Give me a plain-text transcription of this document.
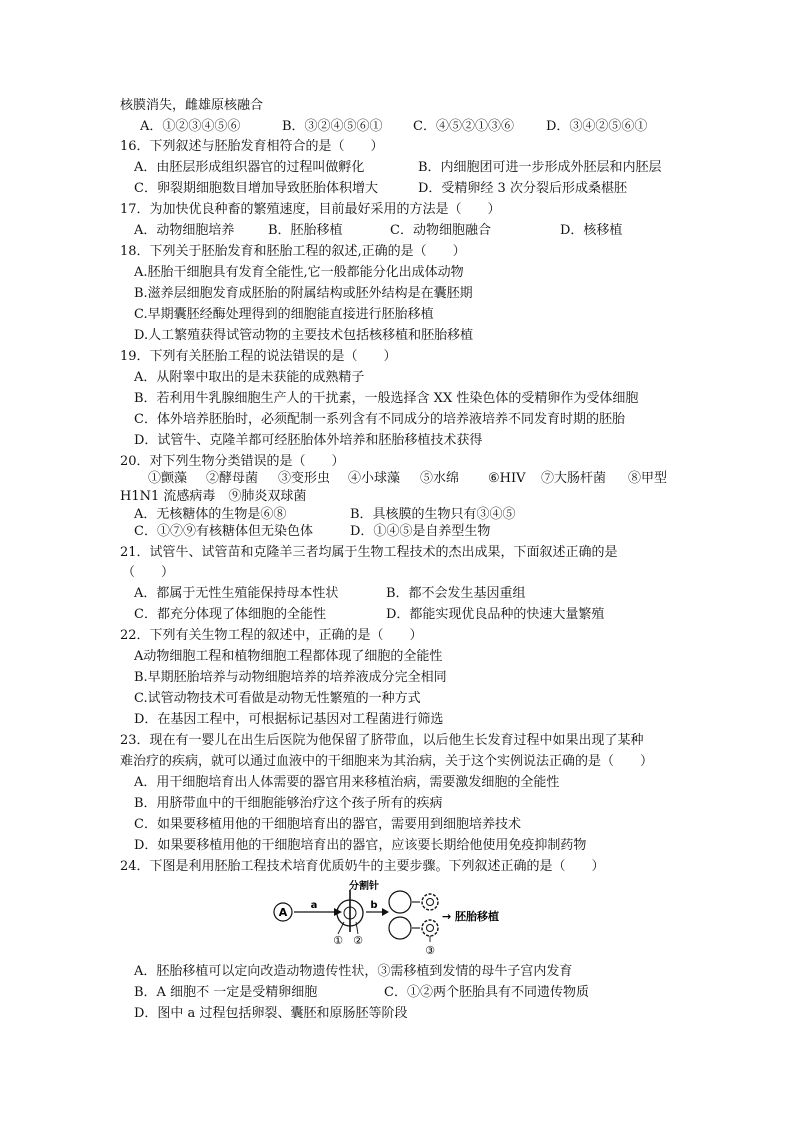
核膜消失，雌雄原核融合
A．①②③④⑤⑥	B．③②④⑤⑥① C．④⑤②①③⑥ D．③④②⑤⑥①
16．下列叙述与胚胎发育相符合的是（　　）
A．由胚层形成组织器官的过程叫做孵化	B．内细胞团可进一步形成外胚层和内胚层
C．卵裂期细胞数目增加导致胚胎体积增大	D．受精卵经 3 次分裂后形成桑椹胚
17．为加快优良种畜的繁殖速度，目前最好采用的方法是（　　）
A．动物细胞培养	B．胚胎移植	C．动物细胞融合	D．核移植
18．下列关于胚胎发育和胚胎工程的叙述,正确的是（　　）
A.胚胎干细胞具有发育全能性,它一般都能分化出成体动物
B.滋养层细胞发育成胚胎的附属结构或胚外结构是在囊胚期
C.早期囊胚经酶处理得到的细胞能直接进行胚胎移植
D.人工繁殖获得试管动物的主要技术包括核移植和胚胎移植
19．下列有关胚胎工程的说法错误的是（　　）
A．从附睾中取出的是未获能的成熟精子
B．若利用牛乳腺细胞生产人的干扰素，一般选择含 XX 性染色体的受精卵作为受体细胞
C．体外培养胚胎时，必须配制一系列含有不同成分的培养液培养不同发育时期的胚胎
D．试管牛、克隆羊都可经胚胎体外培养和胚胎移植技术获得
20．对下列生物分类错误的是（　　）
①颤藻 ②酵母菌 ③变形虫 ④小球藻 ⑤水绵 ⑥HIV ⑦大肠杆菌 ⑧甲型
H1N1 流感病毒　⑨肺炎双球菌
A．无核糖体的生物是⑥⑧	B．具核膜的生物只有③④⑤
C．①⑦⑨有核糖体但无染色体	D．①④⑤是自养型生物
21．试管牛、试管苗和克隆羊三者均属于生物工程技术的杰出成果，下面叙述正确的是
（　　）
A．都属于无性生殖能保持母本性状	B．都不会发生基因重组
C．都充分体现了体细胞的全能性	D．都能实现优良品种的快速大量繁殖
22．下列有关生物工程的叙述中，正确的是（　　）
A动物细胞工程和植物细胞工程都体现了细胞的全能性
B.早期胚胎培养与动物细胞培养的培养液成分完全相同
C.试管动物技术可看做是动物无性繁殖的一种方式
D．在基因工程中，可根据标记基因对工程菌进行筛选
23．现在有一婴儿在出生后医院为他保留了脐带血，以后他生长发育过程中如果出现了某种
难治疗的疾病，就可以通过血液中的干细胞来为其治病，关于这个实例说法正确的是（　　）
A．用干细胞培育出人体需要的器官用来移植治病，需要激发细胞的全能性
B．用脐带血中的干细胞能够治疗这个孩子所有的疾病
C．如果要移植用他的干细胞培育出的器官，需要用到细胞培养技术
D．如果要移植用他的干细胞培育出的器官，应该要长期给他使用免疫抑制药物
24．下图是利用胚胎工程技术培育优质奶牛的主要步骤。下列叙述正确的是（　　）
A
a
分割针
① ②
b
③
→ 胚胎移植
A．胚胎移植可以定向改造动物遗传性状，③需移植到发情的母牛子宫内发育
B．A 细胞不 一定是受精卵细胞	C．①②两个胚胎具有不同遗传物质
D．图中 a 过程包括卵裂、囊胚和原肠胚等阶段
